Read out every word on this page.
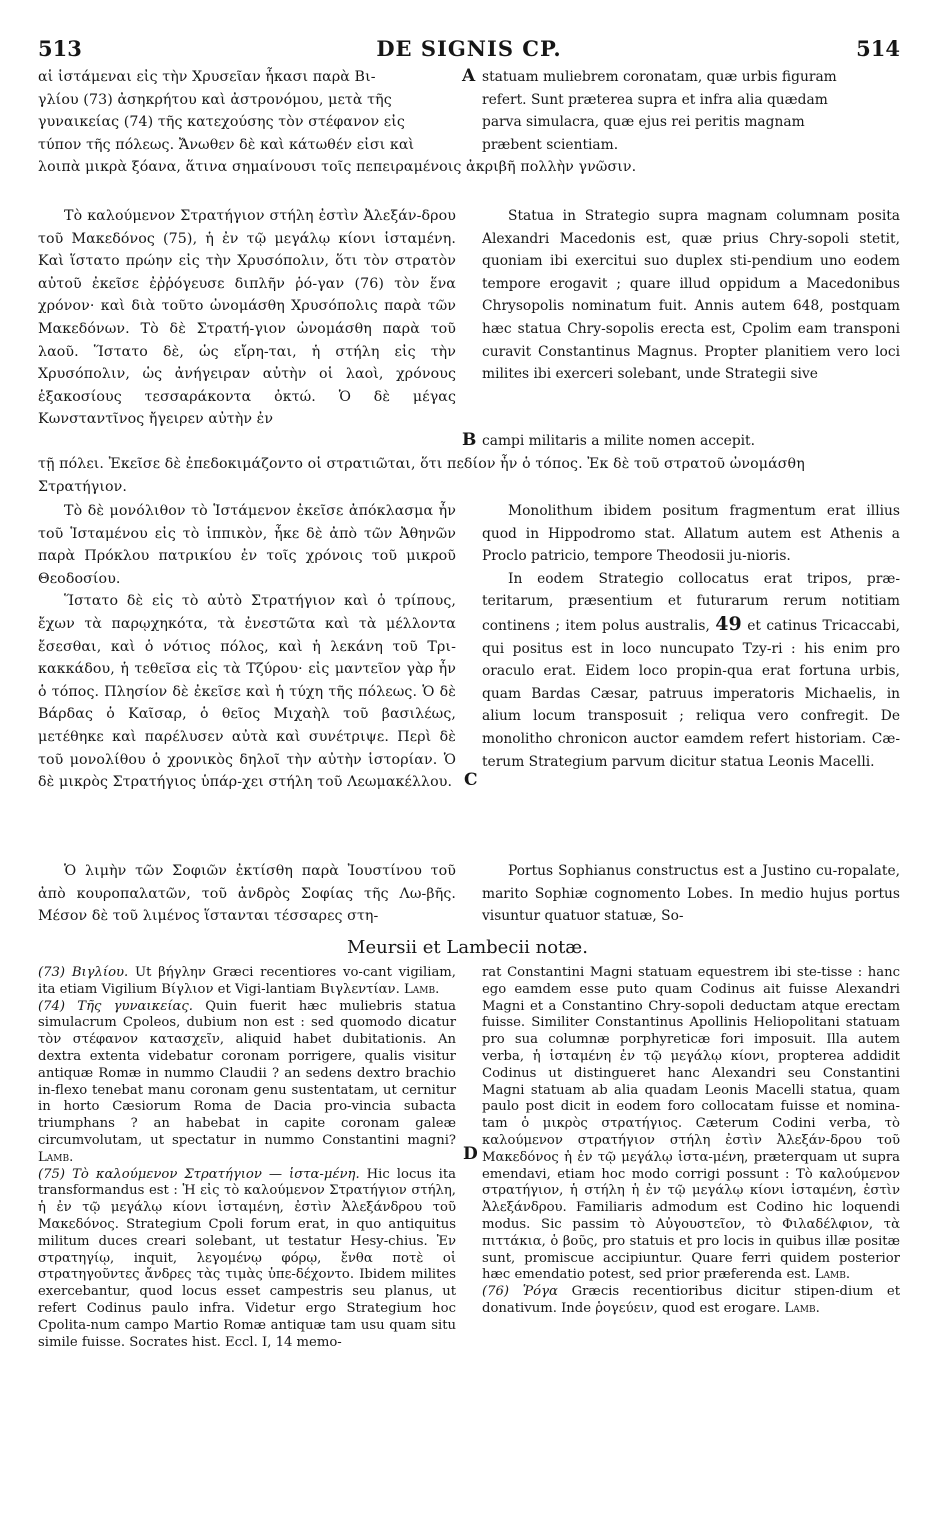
513	DE SIGNIS CP.	514

αἱ ἱστάμεναι εἰς τὴν Χρυσεῖαν ἧκασι παρὰ Βι-

γλίου (73) ἀσηκρήτου καὶ ἀστρονόμου, μετὰ τῆς

γυναικείας (74) τῆς κατεχούσης τὸν στέφανον εἰς

τύπον τῆς πόλεως. Ἄνωθεν δὲ καὶ κάτωθέν εἰσι καὶ

A statuam muliebrem coronatam, quæ urbis figuram

refert. Sunt præterea supra et infra alia quædam

parva simulacra, quæ ejus rei peritis magnam

præbent scientiam.

λοιπὰ μικρὰ ξόανα, ἅτινα σημαίνουσι τοῖς πεπειραμένοις ἀκριβῆ πολλὴν γνῶσιν.

Τὸ καλούμενον Στρατήγιον στήλη ἐστὶν Ἀλεξάν-δρου τοῦ Μακεδόνος (75), ἡ ἐν τῷ μεγάλῳ κίονι ἱσταμένη. Καὶ ἵστατο πρώην εἰς τὴν Χρυσόπολιν, ὅτι τὸν στρατὸν αὐτοῦ ἐκεῖσε ἐῤῥόγευσε διπλῆν ῥό-γαν (76) τὸν ἕνα χρόνον· καὶ διὰ τοῦτο ὠνομάσθη Χρυσόπολις παρὰ τῶν Μακεδόνων. Τὸ δὲ Στρατή-γιον ὠνομάσθη παρὰ τοῦ λαοῦ. Ἵστατο δὲ, ὡς εἴρη-ται, ἡ στήλη εἰς τὴν Χρυσόπολιν, ὡς ἀνήγειραν αὐτὴν οἱ λαοὶ, χρόνους ἑξακοσίους τεσσαράκοντα ὀκτώ. Ὁ δὲ μέγας Κωνσταντῖνος ἤγειρεν αὐτὴν ἐν

Statua in Strategio supra magnam columnam posita Alexandri Macedonis est, quæ prius Chry-sopoli stetit, quoniam ibi exercitui suo duplex sti-pendium uno eodem tempore erogavit ; quare illud oppidum a Macedonibus Chrysopolis nominatum fuit. Annis autem 648, postquam hæc statua Chry-sopolis erecta est, Cpolim eam transponi curavit Constantinus Magnus. Propter planitiem vero loci milites ibi exerceri solebant, unde Strategii sive

B campi militaris a milite nomen accepit.

τῇ πόλει. Ἐκεῖσε δὲ ἐπεδοκιμάζοντο οἱ στρατιῶται, ὅτι πεδίον ἦν ὁ τόπος. Ἐκ δὲ τοῦ στρατοῦ ὠνομάσθη
Στρατήγιον.

Τὸ δὲ μονόλιθον τὸ Ἱστάμενον ἐκεῖσε ἀπόκλασμα ἦν τοῦ Ἱσταμένου εἰς τὸ ἱππικὸν, ἧκε δὲ ἀπὸ τῶν Ἀθηνῶν παρὰ Πρόκλου πατρικίου ἐν τοῖς χρόνοις τοῦ μικροῦ Θεοδοσίου.

Ἵστατο δὲ εἰς τὸ αὐτὸ Στρατήγιον καὶ ὁ τρίπους, ἔχων τὰ παρῳχηκότα, τὰ ἐνεστῶτα καὶ τὰ μέλλοντα ἔσεσθαι, καὶ ὁ νότιος πόλος, καὶ ἡ λεκάνη τοῦ Τρι-κακκάδου, ἡ τεθεῖσα εἰς τὰ Τζύρου· εἰς μαντεῖον γὰρ ἦν ὁ τόπος. Πλησίον δὲ ἐκεῖσε καὶ ἡ τύχη τῆς πόλεως. Ὁ δὲ Βάρδας ὁ Καῖσαρ, ὁ θεῖος Μιχαὴλ τοῦ βασιλέως, μετέθηκε καὶ παρέλυσεν αὐτὰ καὶ συνέτριψε. Περὶ δὲ τοῦ μονολίθου ὁ χρονικὸς δηλοῖ τὴν αὐτὴν ἱστορίαν. Ὁ δὲ μικρὸς Στρατήγιος ὑπάρ-χει στήλη τοῦ Λεωμακέλλου. C

Monolithum ibidem positum fragmentum erat illius quod in Hippodromo stat. Allatum autem est Athenis a Proclo patricio, tempore Theodosii ju-nioris.

In eodem Strategio collocatus erat tripos, præ-teritarum, præsentium et futurarum rerum notitiam continens ; item polus australis, 49 et catinus Tricaccabi, qui positus est in loco nuncupato Tzy-ri : his enim pro oraculo erat. Eidem loco propin-qua erat fortuna urbis, quam Bardas Cæsar, patruus imperatoris Michaelis, in alium locum transposuit ; reliqua vero confregit. De monolitho chronicon auctor eamdem refert historiam. Cæ-terum Strategium parvum dicitur statua Leonis Macelli.

Ὁ λιμὴν τῶν Σοφιῶν ἐκτίσθη παρὰ Ἰουστίνου τοῦ ἀπὸ κουροπαλατῶν, τοῦ ἀνδρὸς Σοφίας τῆς Λω-βῆς. Μέσον δὲ τοῦ λιμένος ἵστανται τέσσαρες στη-

Portus Sophianus constructus est a Justino cu-ropalate, marito Sophiæ cognomento Lobes. In medio hujus portus visuntur quatuor statuæ, So-

Meursii et Lambecii notæ.

(73) Βιγλίου. Ut βήγλην Græci recentiores vo-cant vigiliam, ita etiam Vigilium Βίγλιον et Vigi-lantiam Βιγλεντίαν. Lamb.

(74) Τῆς γυναικείας. Quin fuerit hæc muliebris statua simulacrum Cpoleos, dubium non est : sed quomodo dicatur τὸν στέφανον κατασχεῖν, aliquid habet dubitationis. An dextra extenta videbatur coronam porrigere, qualis visitur antiquæ Romæ in nummo Claudii ? an sedens dextro brachio in-flexo tenebat manu coronam genu sustentatam, ut cernitur in horto Cæsiorum Roma de Dacia pro-vincia subacta triumphans ? an habebat in capite coronam galeæ circumvolutam, ut spectatur in nummo Constantini magni? Lamb.

(75) Τὸ καλούμενον Στρατήγιον — ἱστα-μένη. Hic locus ita transformandus est : Ἡ εἰς τὸ καλούμενον Στρατήγιον στήλη, ἡ ἐν τῷ μεγάλῳ κίονι ἱσταμένη, ἐστὶν Ἀλεξάνδρου τοῦ Μακεδόνος. Strategium Cpoli forum erat, in quo antiquitus militum duces creari solebant, ut testatur Hesy-chius. Ἐν στρατηγίῳ, inquit, λεγομένῳ φόρῳ, ἔνθα ποτὲ οἱ στρατηγοῦντες ἄνδρες τὰς τιμὰς ὑπε-δέχοντο. Ibidem milites exercebantur, quod locus esset campestris seu planus, ut refert Codinus paulo infra. Videtur ergo Strategium hoc Cpolita-num campo Martio Romæ antiquæ tam usu quam situ simile fuisse. Socrates hist. Eccl. I, 14 memo-

D

rat Constantini Magni statuam equestrem ibi ste-tisse : hanc ego eamdem esse puto quam Codinus ait fuisse Alexandri Magni et a Constantino Chry-sopoli deductam atque erectam fuisse. Similiter Constantinus Apollinis Heliopolitani statuam pro sua columnæ porphyreticæ fori imposuit. Illa autem verba, ἡ ἱσταμένη ἐν τῷ μεγάλῳ κίονι, propterea addidit Codinus ut distingueret hanc Alexandri seu Constantini Magni statuam ab alia quadam Leonis Macelli statua, quam paulo post dicit in eodem foro collocatam fuisse et nomina-tam ὁ μικρὸς στρατήγιος. Cæterum Codini verba, τὸ καλούμενον στρατήγιον στήλη ἐστὶν Ἀλεξάν-δρου τοῦ Μακεδόνος ἡ ἐν τῷ μεγάλῳ ἱστα-μένη, præterquam ut supra emendavi, etiam hoc modo corrigi possunt : Τὸ καλούμενον στρατήγιον, ἡ στήλη ἡ ἐν τῷ μεγάλῳ κίονι ἱσταμένη, ἐστὶν Ἀλεξάνδρου. Familiaris admodum est Codino hic loquendi modus. Sic passim τὸ Αὐγουστεῖον, τὸ Φιλαδέλφιον, τὰ πιττάκια, ὁ βοῦς, pro statuis et pro locis in quibus illæ positæ sunt, promiscue accipiuntur. Quare ferri quidem posterior hæc emendatio potest, sed prior præferenda est. Lamb.

(76) Ῥόγα Græcis recentioribus dicitur stipen-dium et donativum. Inde ῥογεύειν, quod est erogare. Lamb.
